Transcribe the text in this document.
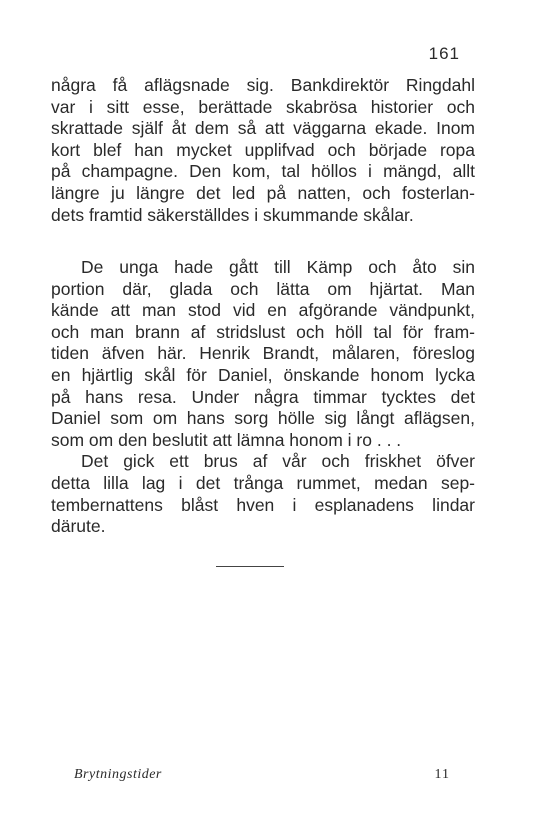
161
några få aflägsnade sig. Bankdirektör Ringdahl
var i sitt esse, berättade skabrösa historier och
skrattade själf åt dem så att väggarna ekade. Inom
kort blef han mycket upplifvad och började ropa
på champagne. Den kom, tal höllos i mängd, allt
längre ju längre det led på natten, och fosterlan-
dets framtid säkerställdes i skummande skålar.
De unga hade gått till Kämp och åto sin
portion där, glada och lätta om hjärtat. Man
kände att man stod vid en afgörande vändpunkt,
och man brann af stridslust och höll tal för fram-
tiden äfven här. Henrik Brandt, målaren, föreslog
en hjärtlig skål för Daniel, önskande honom lycka
på hans resa. Under några timmar tycktes det
Daniel som om hans sorg hölle sig långt aflägsen,
som om den beslutit att lämna honom i ro . . .
Det gick ett brus af vår och friskhet öfver
detta lilla lag i det trånga rummet, medan sep-
tembernattens blåst hven i esplanadens lindar
därute.
Brytningstider	11
